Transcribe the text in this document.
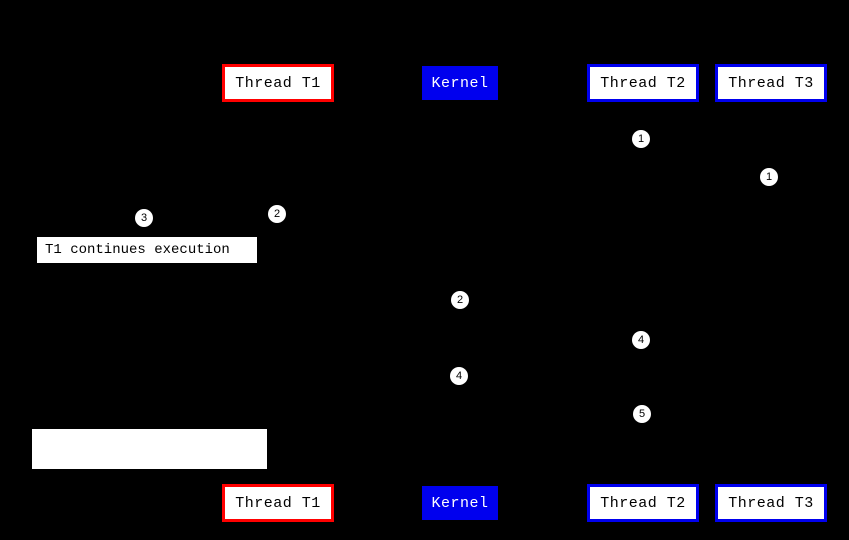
Thread T1	Kernel	Thread T2	Thread T3
Thread T1	Kernel	Thread T2	Thread T3
1
1
3	2
2
4
4
5
T1 continues execution
